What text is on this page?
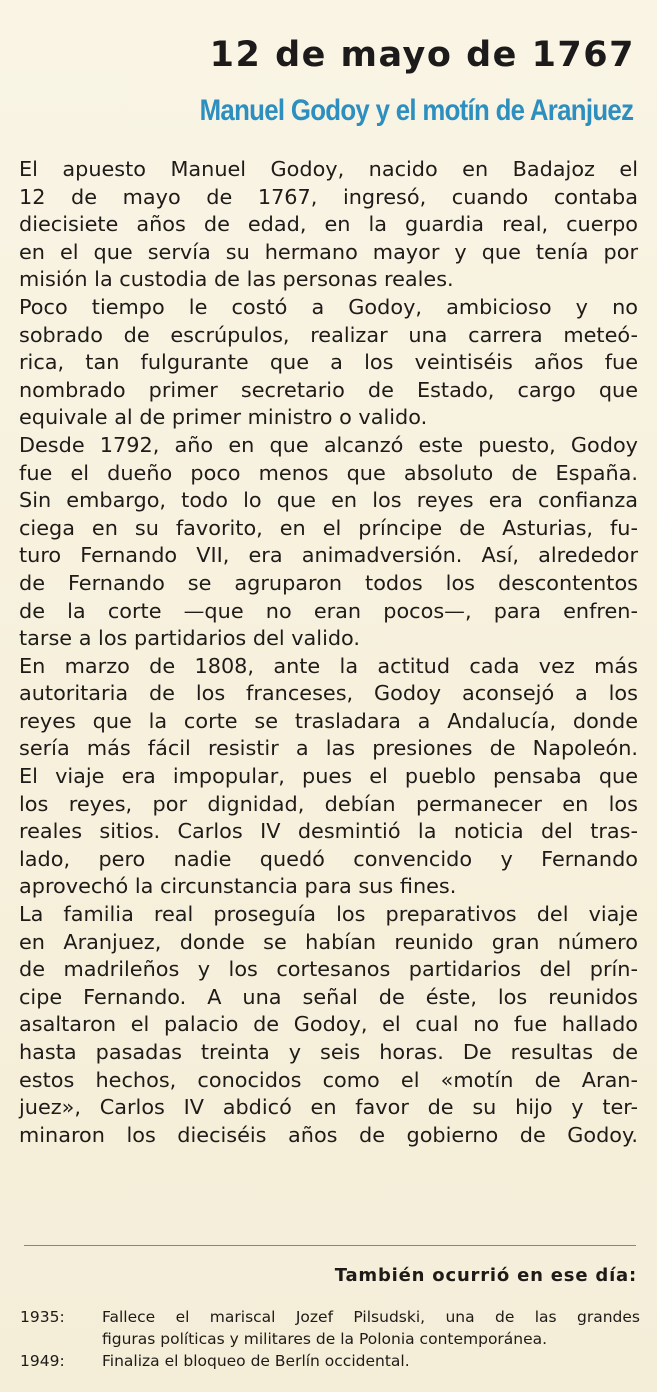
12 de mayo de 1767
Manuel Godoy y el motín de Aranjuez
El apuesto Manuel Godoy, nacido en Badajoz el
12 de mayo de 1767, ingresó, cuando contaba
diecisiete años de edad, en la guardia real, cuerpo
en el que servía su hermano mayor y que tenía por
misión la custodia de las personas reales.
Poco tiempo le costó a Godoy, ambicioso y no
sobrado de escrúpulos, realizar una carrera meteó-
rica, tan fulgurante que a los veintiséis años fue
nombrado primer secretario de Estado, cargo que
equivale al de primer ministro o valido.
Desde 1792, año en que alcanzó este puesto, Godoy
fue el dueño poco menos que absoluto de España.
Sin embargo, todo lo que en los reyes era confianza
ciega en su favorito, en el príncipe de Asturias, fu-
turo Fernando VII, era animadversión. Así, alrededor
de Fernando se agruparon todos los descontentos
de la corte —que no eran pocos—, para enfren-
tarse a los partidarios del valido.
En marzo de 1808, ante la actitud cada vez más
autoritaria de los franceses, Godoy aconsejó a los
reyes que la corte se trasladara a Andalucía, donde
sería más fácil resistir a las presiones de Napoleón.
El viaje era impopular, pues el pueblo pensaba que
los reyes, por dignidad, debían permanecer en los
reales sitios. Carlos IV desmintió la noticia del tras-
lado, pero nadie quedó convencido y Fernando
aprovechó la circunstancia para sus fines.
La familia real proseguía los preparativos del viaje
en Aranjuez, donde se habían reunido gran número
de madrileños y los cortesanos partidarios del prín-
cipe Fernando. A una señal de éste, los reunidos
asaltaron el palacio de Godoy, el cual no fue hallado
hasta pasadas treinta y seis horas. De resultas de
estos hechos, conocidos como el «motín de Aran-
juez», Carlos IV abdicó en favor de su hijo y ter-
minaron los dieciséis años de gobierno de Godoy.
También ocurrió en ese día:
1935:	Fallece el mariscal Jozef Pilsudski, una de las grandes
figuras políticas y militares de la Polonia contemporánea.
1949:	Finaliza el bloqueo de Berlín occidental.
